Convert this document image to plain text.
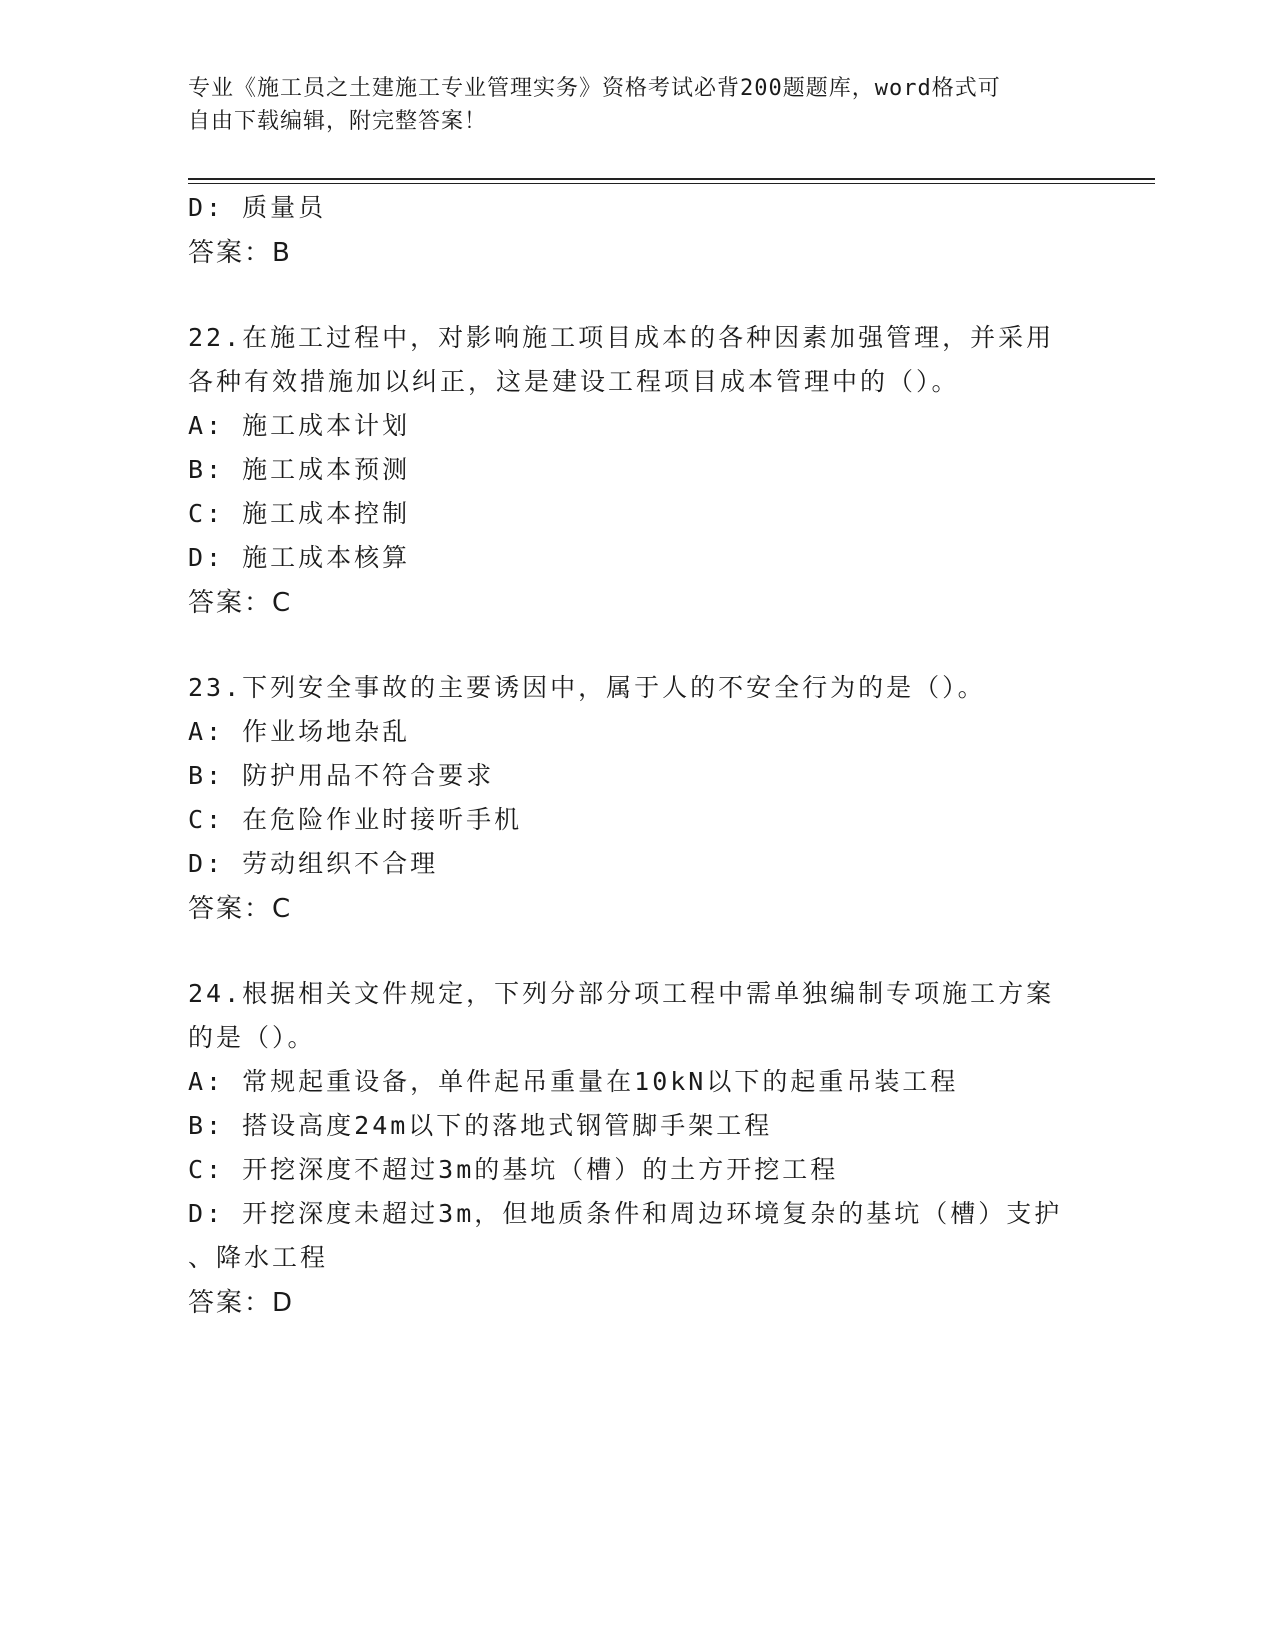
专业《施工员之土建施工专业管理实务》资格考试必背200题题库，word格式可
自由下载编辑，附完整答案！
D: 质量员
答案：B
22.在施工过程中，对影响施工项目成本的各种因素加强管理，并采用
各种有效措施加以纠正，这是建设工程项目成本管理中的（）。
A: 施工成本计划
B: 施工成本预测
C: 施工成本控制
D: 施工成本核算
答案：C
23.下列安全事故的主要诱因中，属于人的不安全行为的是（）。
A: 作业场地杂乱
B: 防护用品不符合要求
C: 在危险作业时接听手机
D: 劳动组织不合理
答案：C
24.根据相关文件规定，下列分部分项工程中需单独编制专项施工方案
的是（）。
A: 常规起重设备，单件起吊重量在10kN以下的起重吊装工程
B: 搭设高度24m以下的落地式钢管脚手架工程
C: 开挖深度不超过3m的基坑（槽）的土方开挖工程
D: 开挖深度未超过3m，但地质条件和周边环境复杂的基坑（槽）支护
、降水工程
答案：D
